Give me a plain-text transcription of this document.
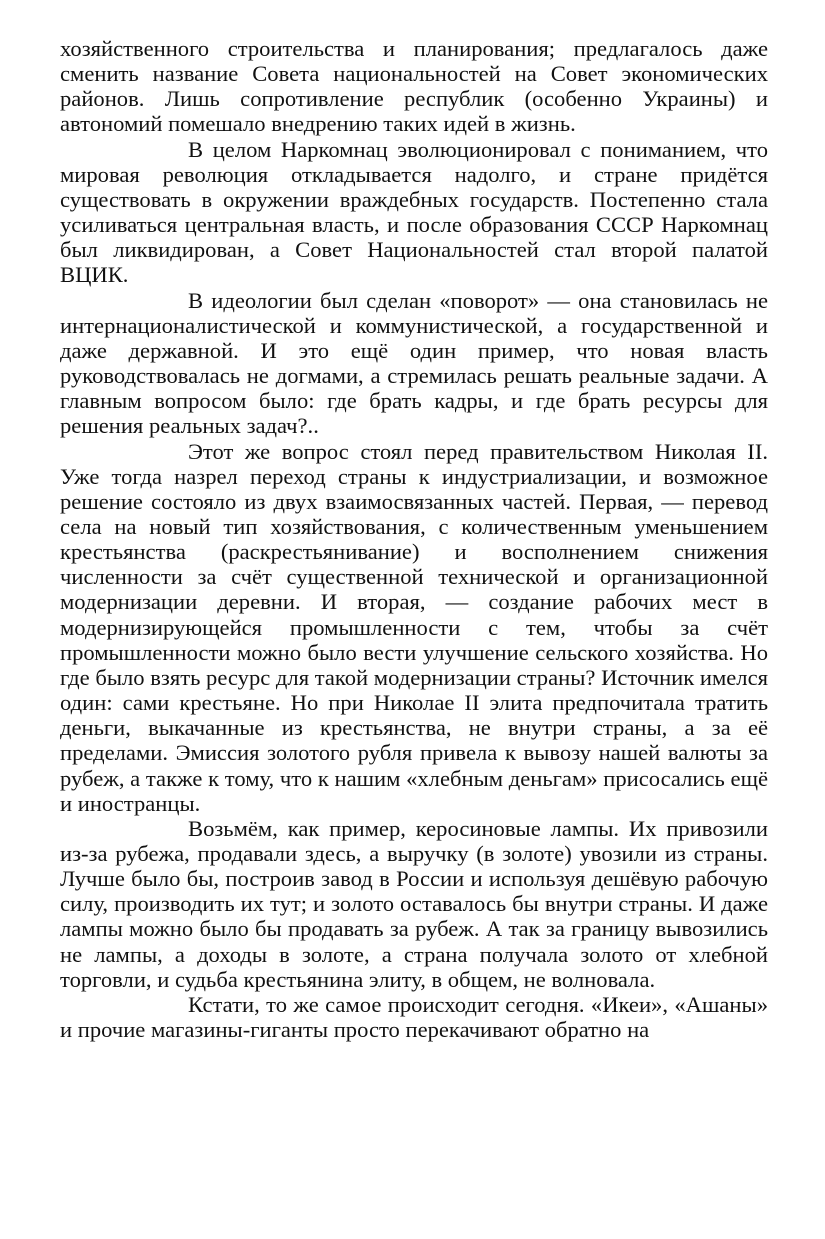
хозяйственного строительства и планирования; предлагалось даже сменить название Совета национальностей на Совет экономических районов. Лишь сопротивление республик (особенно Украины) и автономий помешало внедрению таких идей в жизнь.

В целом Наркомнац эволюционировал с пониманием, что мировая революция откладывается надолго, и стране придётся существовать в окружении враждебных государств. Постепенно стала усиливаться центральная власть, и после образования СССР Наркомнац был ликвидирован, а Совет Национальностей стал второй палатой ВЦИК.

В идеологии был сделан «поворот» — она становилась не интернационалистической и коммунистической, а государственной и даже державной. И это ещё один пример, что новая власть руководствовалась не догмами, а стремилась решать реальные задачи. А главным вопросом было: где брать кадры, и где брать ресурсы для решения реальных задач?..

Этот же вопрос стоял перед правительством Николая II. Уже тогда назрел переход страны к индустриализации, и возможное решение состояло из двух взаимосвязанных частей. Первая, — перевод села на новый тип хозяйствования, с количественным уменьшением крестьянства (раскрестьянивание) и восполнением снижения численности за счёт существенной технической и организационной модернизации деревни. И вторая, — создание рабочих мест в модернизирующейся промышленности с тем, чтобы за счёт промышленности можно было вести улучшение сельского хозяйства. Но где было взять ресурс для такой модернизации страны? Источник имелся один: сами крестьяне. Но при Николае II элита предпочитала тратить деньги, выкачанные из крестьянства, не внутри страны, а за её пределами. Эмиссия золотого рубля привела к вывозу нашей валюты за рубеж, а также к тому, что к нашим «хлебным деньгам» присосались ещё и иностранцы.

Возьмём, как пример, керосиновые лампы. Их привозили из-за рубежа, продавали здесь, а выручку (в золоте) увозили из страны. Лучше было бы, построив завод в России и используя дешёвую рабочую силу, производить их тут; и золото оставалось бы внутри страны. И даже лампы можно было бы продавать за рубеж. А так за границу вывозились не лампы, а доходы в золоте, а страна получала золото от хлебной торговли, и судьба крестьянина элиту, в общем, не волновала.

Кстати, то же самое происходит сегодня. «Икеи», «Ашаны» и прочие магазины-гиганты просто перекачивают обратно на
